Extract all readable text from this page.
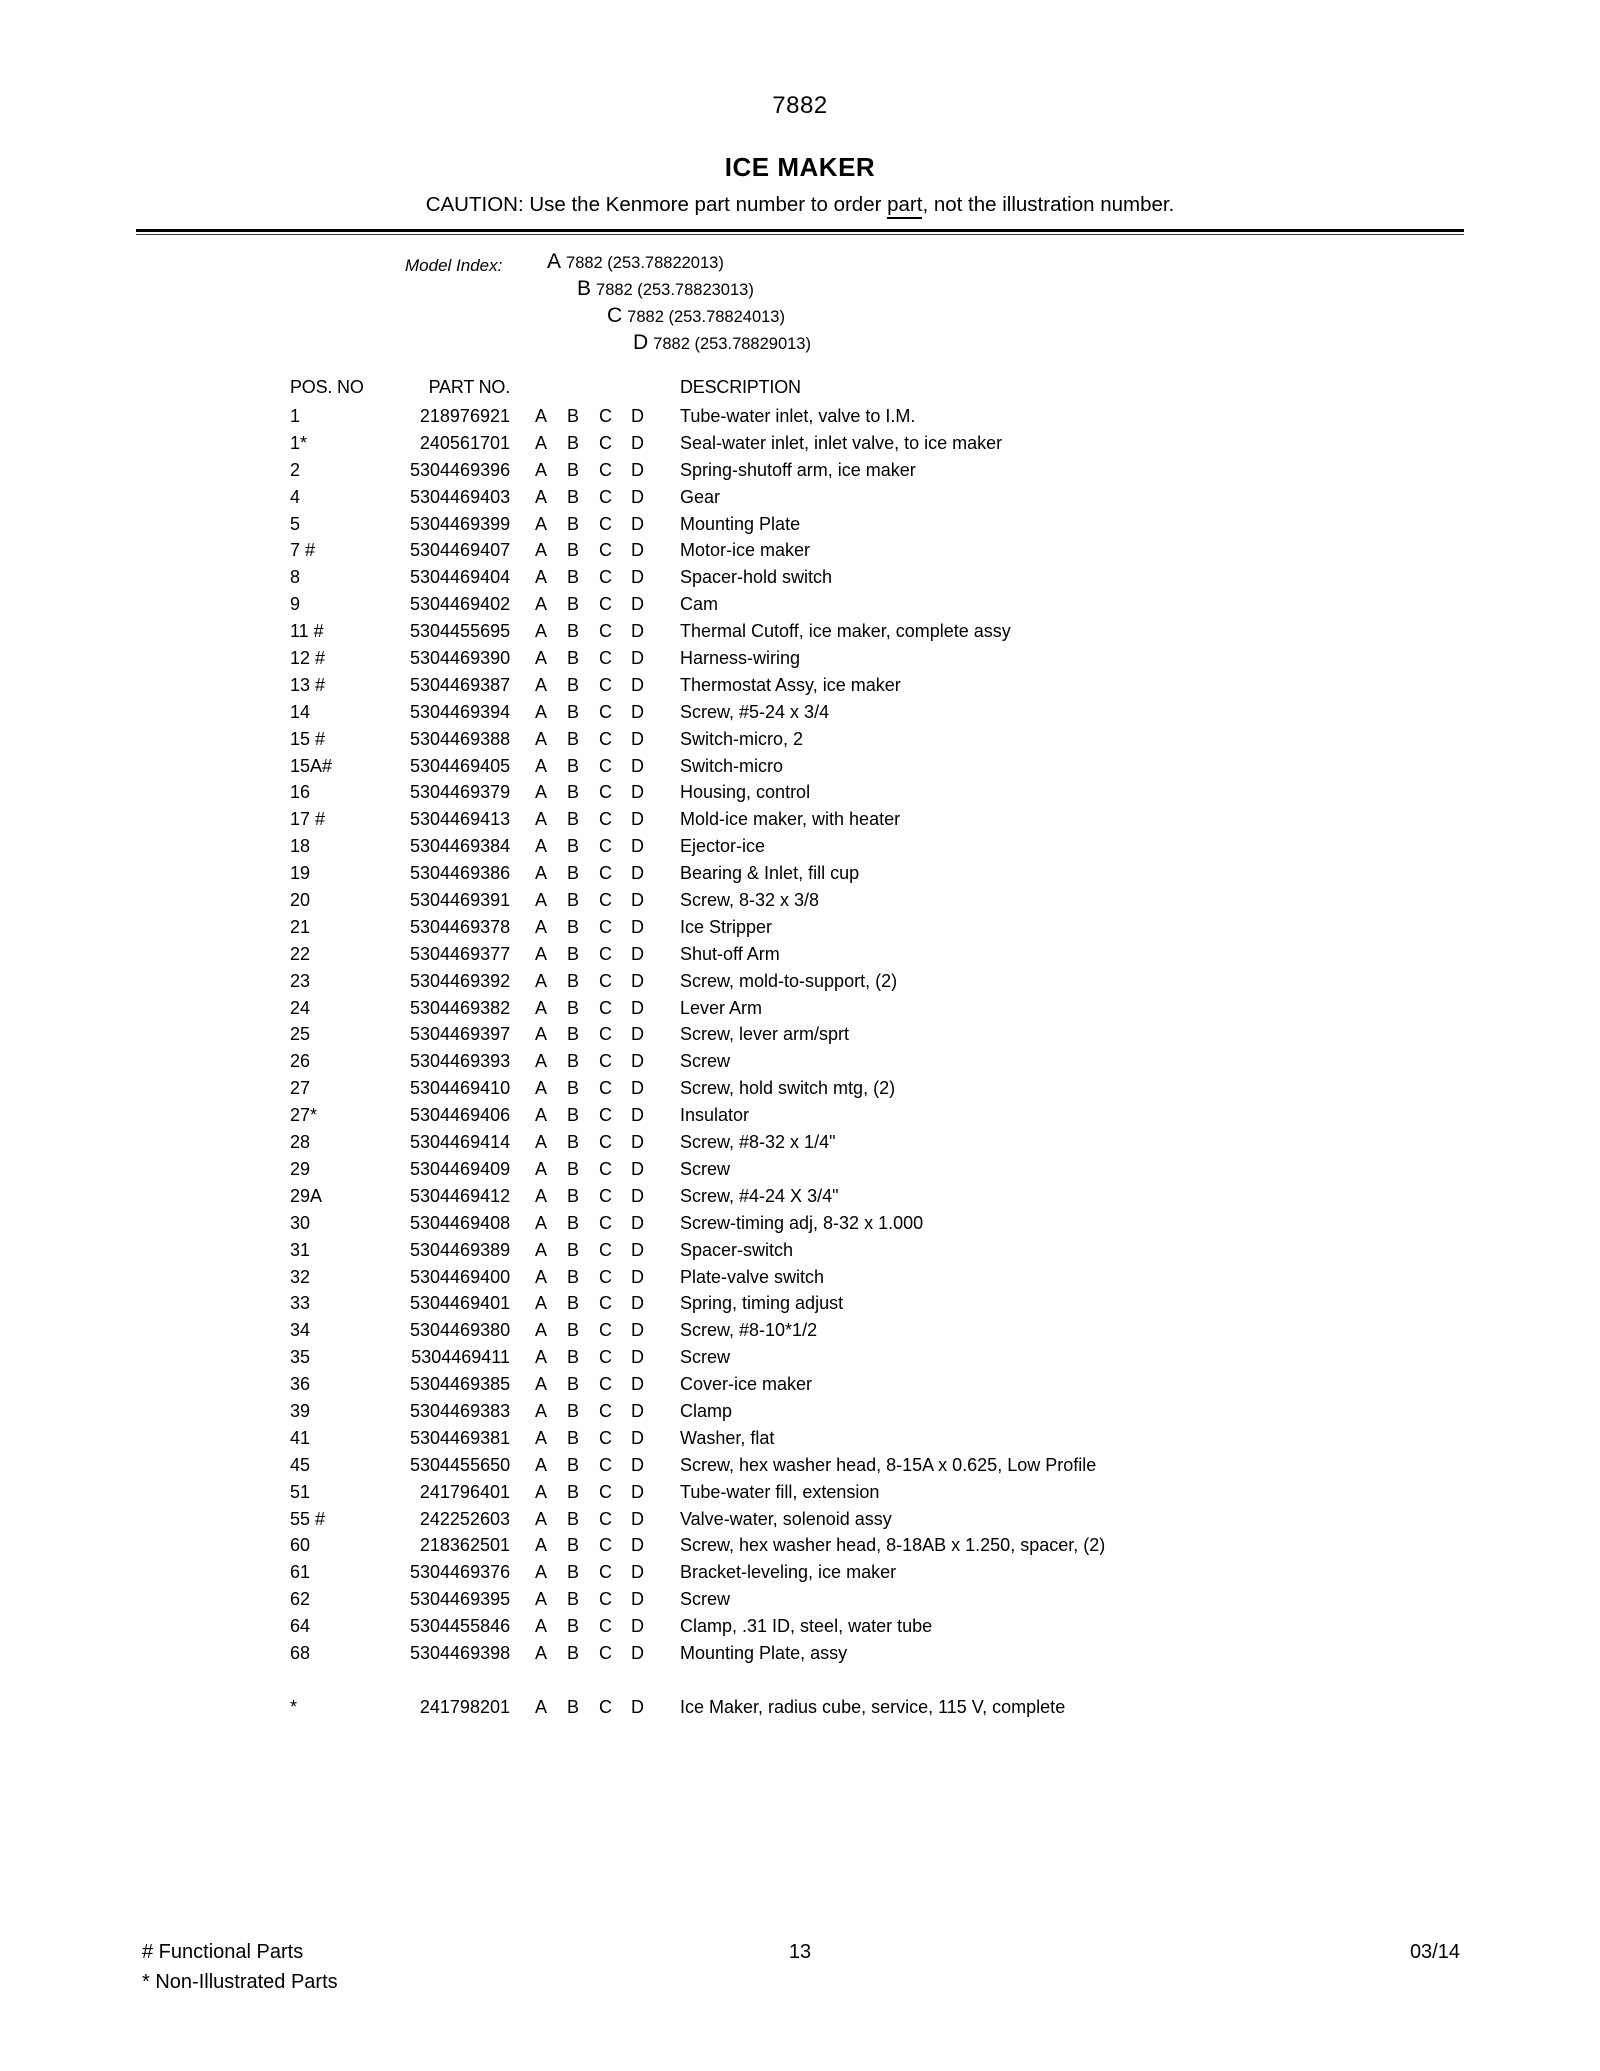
7882
ICE MAKER
CAUTION: Use the Kenmore part number to order part, not the illustration number.
Model Index: A 7882 (253.78822013)
B 7882 (253.78823013)
C 7882 (253.78824013)
D 7882 (253.78829013)
POS. NO	PART NO.	DESCRIPTION
1	218976921 A	B	C	D	Tube-water inlet, valve to I.M.
1*	240561701 A	B	C	D	Seal-water inlet, inlet valve, to ice maker
2	5304469396 A	B	C	D	Spring-shutoff arm, ice maker
4	5304469403 A	B	C	D	Gear
5	5304469399 A	B	C	D	Mounting Plate
7 #	5304469407 A	B	C	D	Motor-ice maker
8	5304469404 A	B	C	D	Spacer-hold switch
9	5304469402 A	B	C	D	Cam
11 #	5304455695 A	B	C	D	Thermal Cutoff, ice maker, complete assy
12 #	5304469390 A	B	C	D	Harness-wiring
13 #	5304469387 A	B	C	D	Thermostat Assy, ice maker
14	5304469394 A	B	C	D	Screw, #5-24 x 3/4
15 #	5304469388 A	B	C	D	Switch-micro, 2
15A#	5304469405 A	B	C	D	Switch-micro
16	5304469379 A	B	C	D	Housing, control
17 #	5304469413 A	B	C	D	Mold-ice maker, with heater
18	5304469384 A	B	C	D	Ejector-ice
19	5304469386 A	B	C	D	Bearing & Inlet, fill cup
20	5304469391 A	B	C	D	Screw, 8-32 x 3/8
21	5304469378 A	B	C	D	Ice Stripper
22	5304469377 A	B	C	D	Shut-off Arm
23	5304469392 A	B	C	D	Screw, mold-to-support, (2)
24	5304469382 A	B	C	D	Lever Arm
25	5304469397 A	B	C	D	Screw, lever arm/sprt
26	5304469393 A	B	C	D	Screw
27	5304469410 A	B	C	D	Screw, hold switch mtg, (2)
27*	5304469406 A	B	C	D	Insulator
28	5304469414 A	B	C	D	Screw, #8-32 x 1/4"
29	5304469409 A	B	C	D	Screw
29A	5304469412 A	B	C	D	Screw, #4-24 X 3/4"
30	5304469408 A	B	C	D	Screw-timing adj, 8-32 x 1.000
31	5304469389 A	B	C	D	Spacer-switch
32	5304469400 A	B	C	D	Plate-valve switch
33	5304469401 A	B	C	D	Spring, timing adjust
34	5304469380 A	B	C	D	Screw, #8-10*1/2
35	5304469411 A	B	C	D	Screw
36	5304469385 A	B	C	D	Cover-ice maker
39	5304469383 A	B	C	D	Clamp
41	5304469381 A	B	C	D	Washer, flat
45	5304455650 A	B	C	D	Screw, hex washer head, 8-15A x 0.625, Low Profile
51	241796401 A	B	C	D	Tube-water fill, extension
55 #	242252603 A	B	C	D	Valve-water, solenoid assy
60	218362501 A	B	C	D	Screw, hex washer head, 8-18AB x 1.250, spacer, (2)
61	5304469376 A	B	C	D	Bracket-leveling, ice maker
62	5304469395 A	B	C	D	Screw
64	5304455846 A	B	C	D	Clamp, .31 ID, steel, water tube
68	5304469398 A	B	C	D	Mounting Plate, assy
*	241798201 A	B	C	D	Ice Maker, radius cube, service, 115 V, complete
# Functional Parts
* Non-Illustrated Parts
13	03/14
